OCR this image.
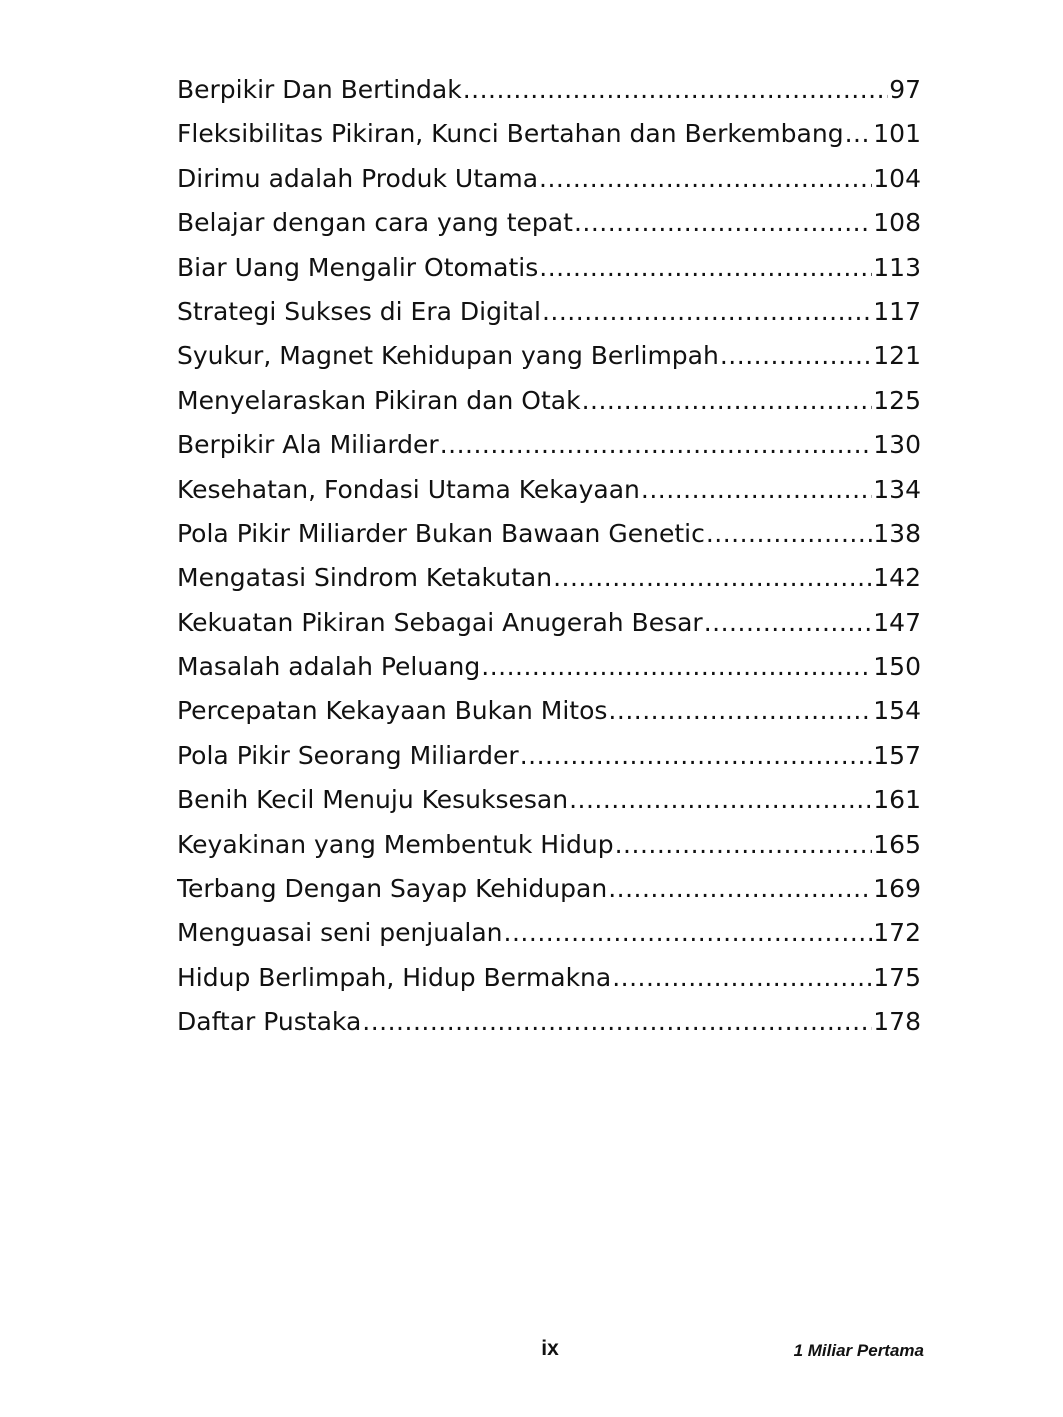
Berpikir Dan Bertindak .....	97
Fleksibilitas Pikiran, Kunci Bertahan dan Berkembang ..... 101
Dirimu adalah Produk Utama .....	104
Belajar dengan cara yang tepat .....	108
Biar Uang Mengalir Otomatis .....	113
Strategi Sukses di Era Digital .....	117
Syukur, Magnet Kehidupan yang Berlimpah .....	121
Menyelaraskan Pikiran dan Otak .....	125
Berpikir Ala Miliarder .....	130
Kesehatan, Fondasi Utama Kekayaan .....	134
Pola Pikir Miliarder Bukan Bawaan Genetic .....	138
Mengatasi Sindrom Ketakutan .....	142
Kekuatan Pikiran Sebagai Anugerah Besar .....	147
Masalah adalah Peluang .....	150
Percepatan Kekayaan Bukan Mitos .....	154
Pola Pikir Seorang Miliarder .....	157
Benih Kecil Menuju Kesuksesan .....	161
Keyakinan yang Membentuk Hidup .....	165
Terbang Dengan Sayap Kehidupan .....	169
Menguasai seni penjualan .....	172
Hidup Berlimpah, Hidup Bermakna .....	175
Daftar Pustaka .....	178
ix	1 Miliar Pertama
